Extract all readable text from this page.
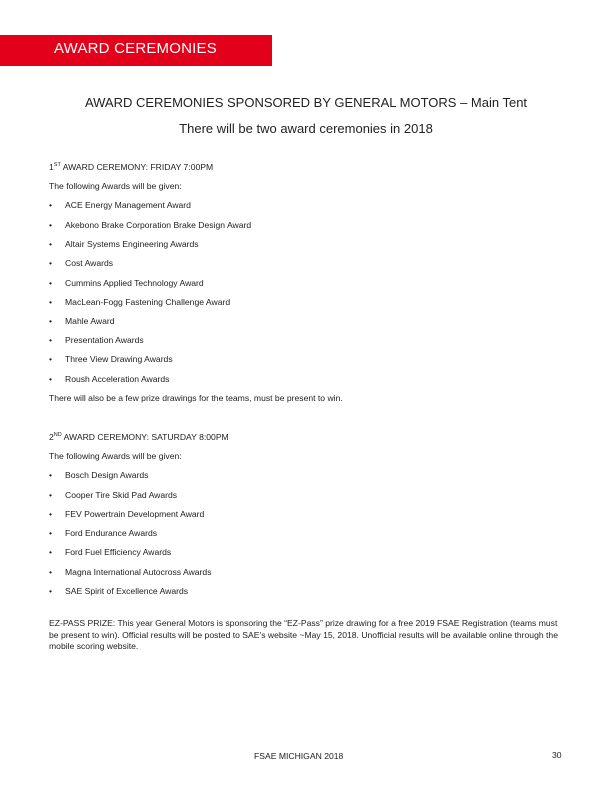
AWARD CEREMONIES
AWARD CEREMONIES SPONSORED BY GENERAL MOTORS – Main Tent
There will be two award ceremonies in 2018
1ST AWARD CEREMONY: FRIDAY 7:00PM
The following Awards will be given:
• ACE Energy Management Award
• Akebono Brake Corporation Brake Design Award
• Altair Systems Engineering Awards
• Cost Awards
• Cummins Applied Technology Award
• MacLean-Fogg Fastening Challenge Award
• Mahle Award
• Presentation Awards
• Three View Drawing Awards
• Roush Acceleration Awards
There will also be a few prize drawings for the teams, must be present to win.
2ND AWARD CEREMONY: SATURDAY 8:00PM
The following Awards will be given:
• Bosch Design Awards
• Cooper Tire Skid Pad Awards
• FEV Powertrain Development Award
• Ford Endurance Awards
• Ford Fuel Efficiency Awards
• Magna International Autocross Awards
• SAE Spirit of Excellence Awards
EZ-PASS PRIZE: This year General Motors is sponsoring the “EZ-Pass” prize drawing for a free 2019 FSAE Registration (teams must be present to win). Official results will be posted to SAE’s website ~May 15, 2018. Unofficial results will be available online through the mobile scoring website.
FSAE MICHIGAN 2018	30
